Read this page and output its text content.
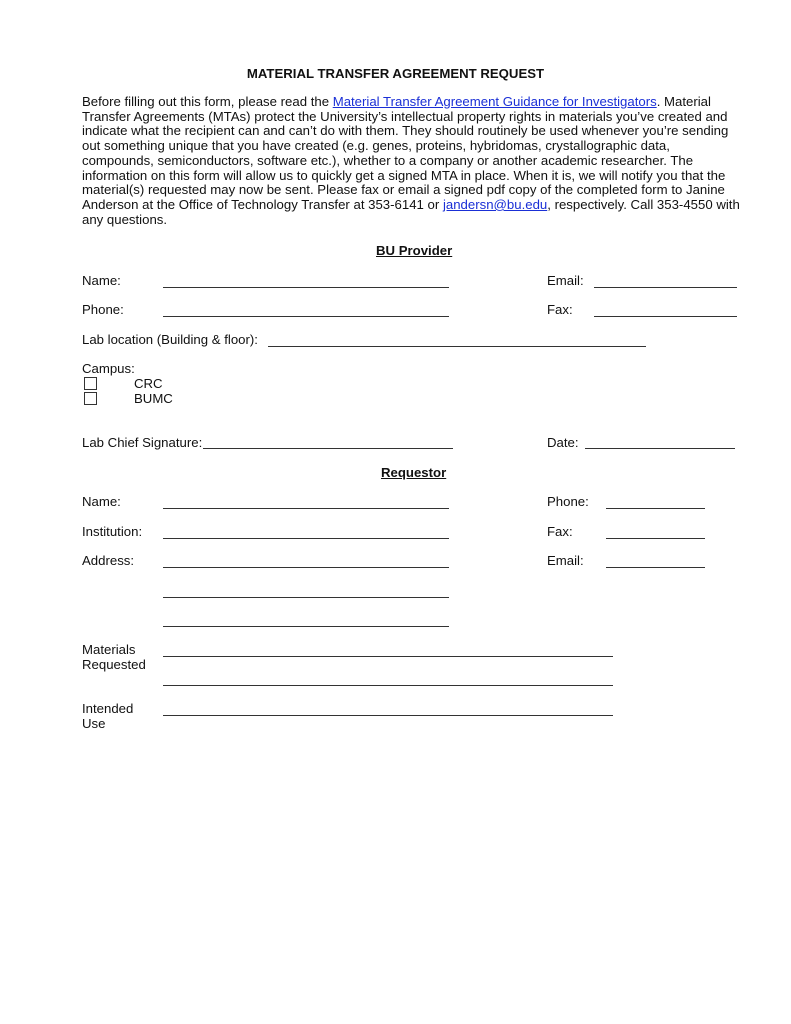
MATERIAL TRANSFER AGREEMENT REQUEST
Before filling out this form, please read the Material Transfer Agreement Guidance for Investigators. Material Transfer Agreements (MTAs) protect the University’s intellectual property rights in materials you’ve created and indicate what the recipient can and can’t do with them. They should routinely be used whenever you’re sending out something unique that you have created (e.g. genes, proteins, hybridomas, crystallographic data, compounds, semiconductors, software etc.), whether to a company or another academic researcher. The information on this form will allow us to quickly get a signed MTA in place. When it is, we will notify you that the material(s) requested may now be sent. Please fax or email a signed pdf copy of the completed form to Janine Anderson at the Office of Technology Transfer at 353-6141 or jandersn@bu.edu, respectively. Call 353-4550 with any questions.
BU Provider
Name:	Email:
Phone:	Fax:
Lab location (Building & floor):
Campus:
CRC
BUMC
Lab Chief Signature:	Date:
Requestor
Name:	Phone:
Institution:	Fax:
Address:	Email:
Materials
Requested
Intended
Use
